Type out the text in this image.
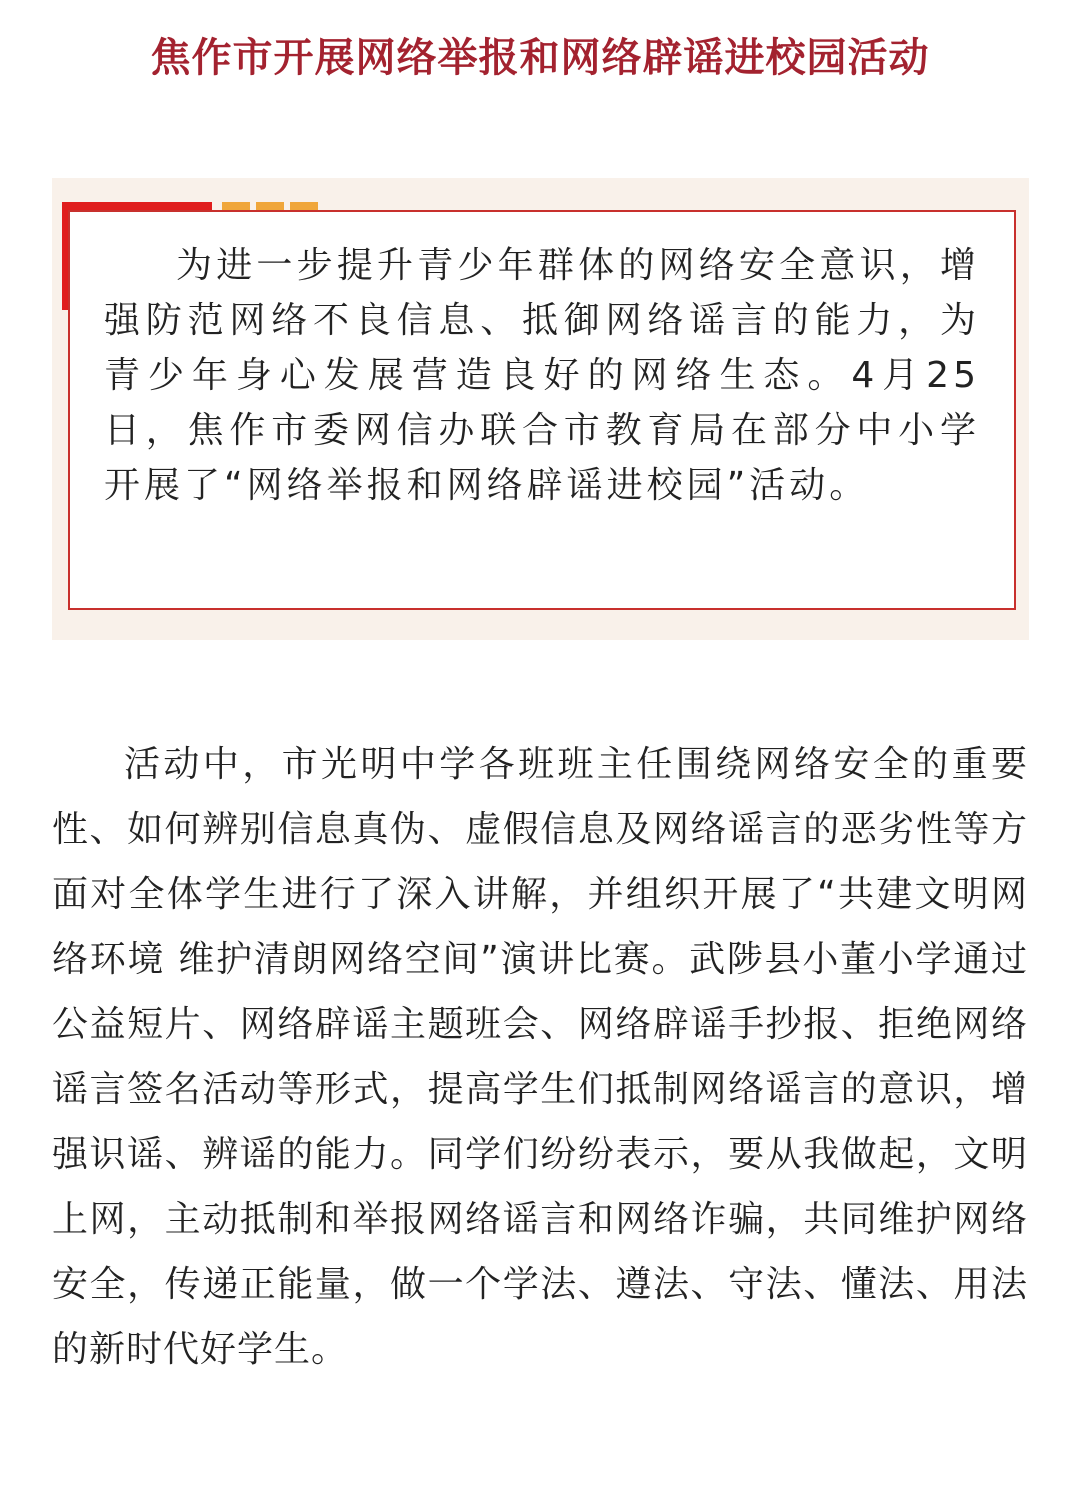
焦作市开展网络举报和网络辟谣进校园活动

为进一步提升青少年群体的网络安全意识，增强防范网络不良信息、抵御网络谣言的能力，为青少年身心发展营造良好的网络生态。4月25日，焦作市委网信办联合市教育局在部分中小学开展了“网络举报和网络辟谣进校园”活动。

活动中，市光明中学各班班主任围绕网络安全的重要性、如何辨别信息真伪、虚假信息及网络谣言的恶劣性等方面对全体学生进行了深入讲解，并组织开展了“共建文明网络环境 维护清朗网络空间”演讲比赛。武陟县小董小学通过公益短片、网络辟谣主题班会、网络辟谣手抄报、拒绝网络谣言签名活动等形式，提高学生们抵制网络谣言的意识，增强识谣、辨谣的能力。同学们纷纷表示，要从我做起，文明上网，主动抵制和举报网络谣言和网络诈骗，共同维护网络安全，传递正能量，做一个学法、遵法、守法、懂法、用法的新时代好学生。
